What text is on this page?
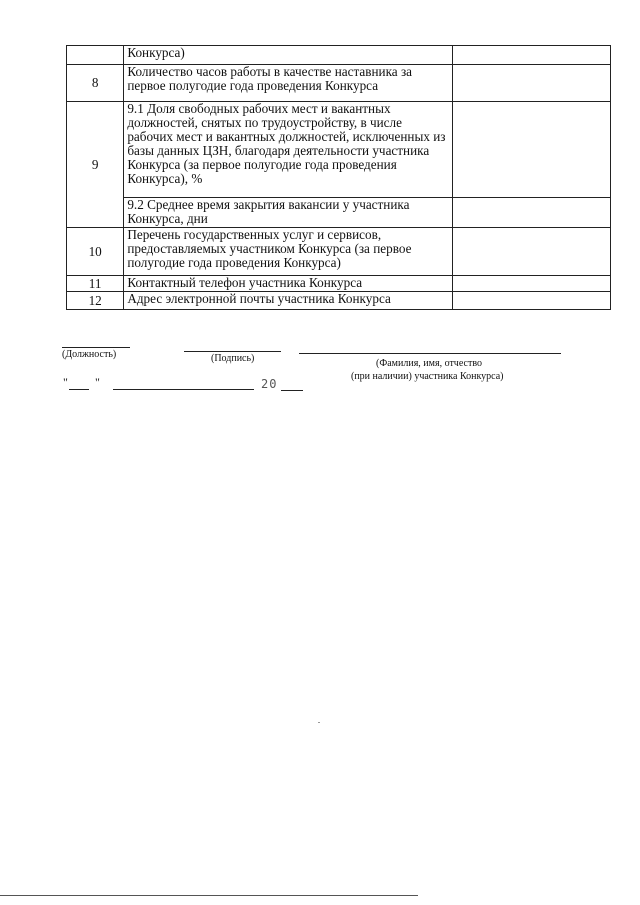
	Конкурса)	
8	Количество часов работы в качестве наставника за первое полугодие года проведения Конкурса	
9	9.1 Доля свободных рабочих мест и вакантных должностей, снятых по трудоустройству, в числе рабочих мест и вакантных должностей, исключенных из базы данных ЦЗН, благодаря деятельности участника Конкурса (за первое полугодие года проведения Конкурса), %	
	9.2 Среднее время закрытия вакансии у участника Конкурса, дни	
10	Перечень государственных услуг и сервисов, предоставляемых участником Конкурса (за первое полугодие года проведения Конкурса)	
11	Контактный телефон участника Конкурса	
12	Адрес электронной почты участника Конкурса	
(Должность)	(Подпись)	(Фамилия, имя, отчество
(при наличии) участника Конкурса)
" "	20
